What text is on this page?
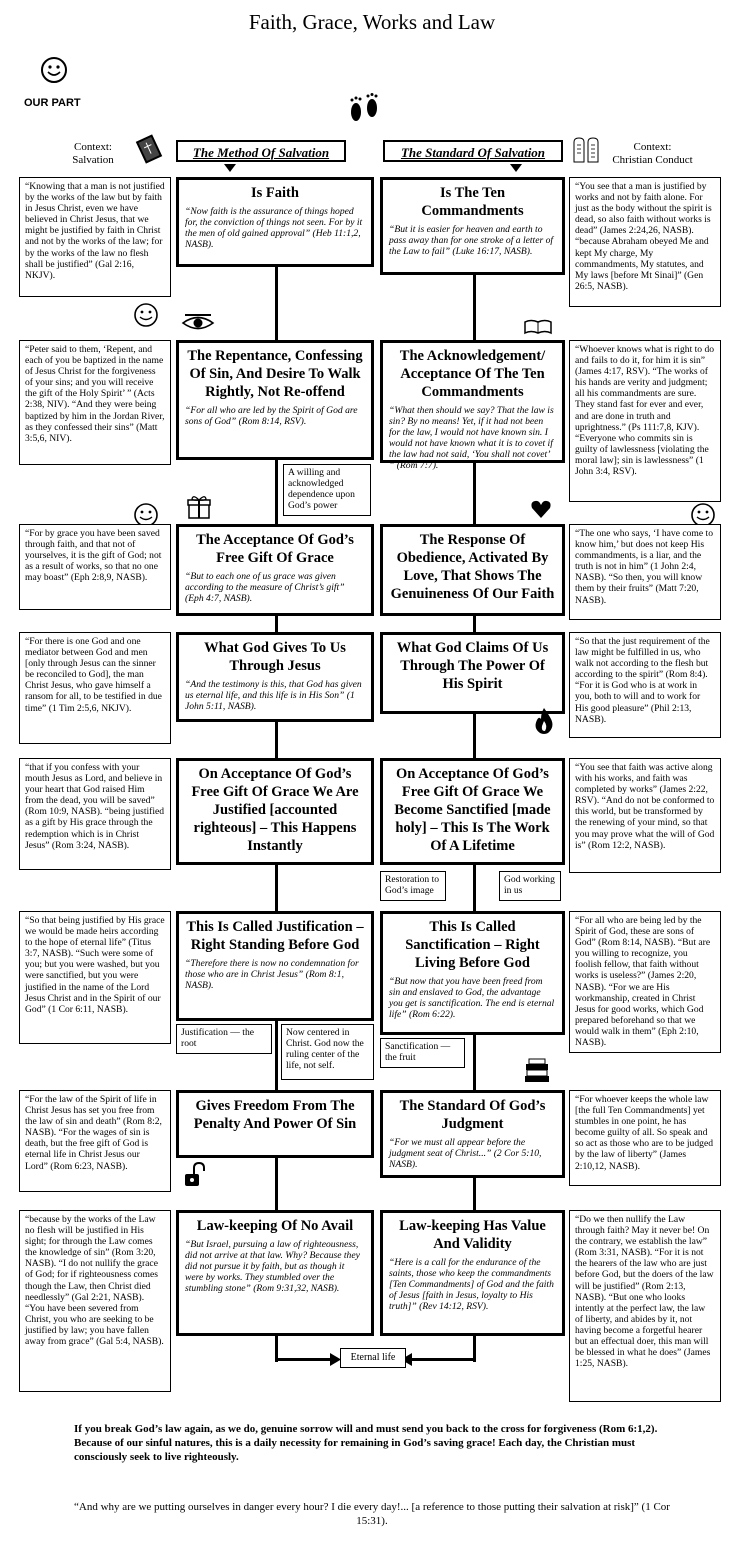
Faith, Grace, Works and Law
OUR PART
Context:
Salvation
Context:
Christian Conduct
The Method Of Salvation	The Standard Of Salvation
“Knowing that a man is not justified by the works of the law but by faith in Jesus Christ, even we have believed in Christ Jesus, that we might be justified by faith in Christ and not by the works of the law; for by the works of the law no flesh shall be justified” (Gal 2:16, NKJV).
Is Faith
“Now faith is the assurance of things hoped for, the conviction of things not seen. For by it the men of old gained approval” (Heb 11:1,2, NASB).
Is The Ten Commandments
“But it is easier for heaven and earth to pass away than for one stroke of a letter of the Law to fail” (Luke 16:17, NASB).
“You see that a man is justified by works and not by faith alone. For just as the body without the spirit is dead, so also faith without works is dead” (James 2:24,26, NASB). “because Abraham obeyed Me and kept My charge, My commandments, My statutes, and My laws [before Mt Sinai]” (Gen 26:5, NASB).
“Peter said to them, ‘Repent, and each of you be baptized in the name of Jesus Christ for the forgiveness of your sins; and you will receive the gift of the Holy Spirit’ ” (Acts 2:38, NIV). “And they were being baptized by him in the Jordan River, as they confessed their sins” (Matt 3:5,6, NIV).
The Repentance, Confessing Of Sin, And Desire To Walk Rightly, Not Re-offend
“For all who are led by the Spirit of God are sons of God” (Rom 8:14, RSV).
The Acknowledgement/ Acceptance Of The Ten Commandments
“What then should we say? That the law is sin? By no means! Yet, if it had not been for the law, I would not have known sin. I would not have known what it is to covet if the law had not said, ‘You shall not covet’ ” (Rom 7:7).
“Whoever knows what is right to do and fails to do it, for him it is sin” (James 4:17, RSV). “The works of his hands are verity and judgment; all his commandments are sure. They stand fast for ever and ever, and are done in truth and uprightness.” (Ps 111:7,8, KJV). “Everyone who commits sin is guilty of lawlessness [violating the moral law]; sin is lawlessness” (1 John 3:4, RSV).
A willing and acknowledged dependence upon God’s power
“For by grace you have been saved through faith, and that not of yourselves, it is the gift of God; not as a result of works, so that no one may boast” (Eph 2:8,9, NASB).
The Acceptance Of God’s Free Gift Of Grace
“But to each one of us grace was given according to the measure of Christ’s gift” (Eph 4:7, NASB).
The Response Of Obedience, Activated By Love, That Shows The Genuineness Of Our Faith
“The one who says, ‘I have come to know him,’ but does not keep His commandments, is a liar, and the truth is not in him” (1 John 2:4, NASB). “So then, you will know them by their fruits” (Matt 7:20, NASB).
“For there is one God and one mediator between God and men [only through Jesus can the sinner be reconciled to God], the man Christ Jesus, who gave himself a ransom for all, to be testified in due time” (1 Tim 2:5,6, NKJV).
What God Gives To Us Through Jesus
“And the testimony is this, that God has given us eternal life, and this life is in His Son” (1 John 5:11, NASB).
What God Claims Of Us Through The Power Of His Spirit
“So that the just requirement of the law might be fulfilled in us, who walk not according to the flesh but according to the spirit” (Rom 8:4). “For it is God who is at work in you, both to will and to work for His good pleasure” (Phil 2:13, NASB).
“that if you confess with your mouth Jesus as Lord, and believe in your heart that God raised Him from the dead, you will be saved” (Rom 10:9, NASB). “being justified as a gift by His grace through the redemption which is in Christ Jesus” (Rom 3:24, NASB).
On Acceptance Of God’s Free Gift Of Grace We Are Justified [accounted righteous] – This Happens Instantly
On Acceptance Of God’s Free Gift Of Grace We Become Sanctified [made holy] – This Is The Work Of A Lifetime
“You see that faith was active along with his works, and faith was completed by works” (James 2:22, RSV). “And do not be conformed to this world, but be transformed by the renewing of your mind, so that you may prove what the will of God is” (Rom 12:2, NASB).
Restoration to God’s image
God working in us
“So that being justified by His grace we would be made heirs according to the hope of eternal life” (Titus 3:7, NASB). “Such were some of you; but you were washed, but you were sanctified, but you were justified in the name of the Lord Jesus Christ and in the Spirit of our God” (1 Cor 6:11, NASB).
This Is Called Justification – Right Standing Before God
“Therefore there is now no condemnation for those who are in Christ Jesus” (Rom 8:1, NASB).
This Is Called Sanctification – Right Living Before God
“But now that you have been freed from sin and enslaved to God, the advantage you get is sanctification. The end is eternal life” (Rom 6:22).
“For all who are being led by the Spirit of God, these are sons of God” (Rom 8:14, NASB). “But are you willing to recognize, you foolish fellow, that faith without works is useless?” (James 2:20, NASB). “For we are His workmanship, created in Christ Jesus for good works, which God prepared beforehand so that we would walk in them” (Eph 2:10, NASB).
Justification — the root
Now centered in Christ. God now the ruling center of the life, not self.
Sanctification — the fruit
“For the law of the Spirit of life in Christ Jesus has set you free from the law of sin and death” (Rom 8:2, NASB). “For the wages of sin is death, but the free gift of God is eternal life in Christ Jesus our Lord” (Rom 6:23, NASB).
Gives Freedom From The Penalty And Power Of Sin
The Standard Of God’s Judgment
“For we must all appear before the judgment seat of Christ...” (2 Cor 5:10, NASB).
“For whoever keeps the whole law [the full Ten Commandments] yet stumbles in one point, he has become guilty of all. So speak and so act as those who are to be judged by the law of liberty” (James 2:10,12, NASB).
“because by the works of the Law no flesh will be justified in His sight; for through the Law comes the knowledge of sin” (Rom 3:20, NASB). “I do not nullify the grace of God; for if righteousness comes though the Law, then Christ died needlessly” (Gal 2:21, NASB). “You have been severed from Christ, you who are seeking to be justified by law; you have fallen away from grace” (Gal 5:4, NASB).
Law-keeping Of No Avail
“But Israel, pursuing a law of righteousness, did not arrive at that law. Why? Because they did not pursue it by faith, but as though it were by works. They stumbled over the stumbling stone” (Rom 9:31,32, NASB).
Law-keeping Has Value And Validity
“Here is a call for the endurance of the saints, those who keep the commandments [Ten Commandments] of God and the faith of Jesus [faith in Jesus, loyalty to His truth]” (Rev 14:12, RSV).
“Do we then nullify the Law through faith? May it never be! On the contrary, we establish the law” (Rom 3:31, NASB). “For it is not the hearers of the law who are just before God, but the doers of the law will be justified” (Rom 2:13, NASB). “But one who looks intently at the perfect law, the law of liberty, and abides by it, not having become a forgetful hearer but an effectual doer, this man will be blessed in what he does” (James 1:25, NASB).
Eternal life
If you break God’s law again, as we do, genuine sorrow will and must send you back to the cross for forgiveness (Rom 6:1,2). Because of our sinful natures, this is a daily necessity for remaining in God’s saving grace! Each day, the Christian must consciously seek to live righteously.
“And why are we putting ourselves in danger every hour? I die every day!... [a reference to those putting their salvation at risk]” (1 Cor 15:31).
